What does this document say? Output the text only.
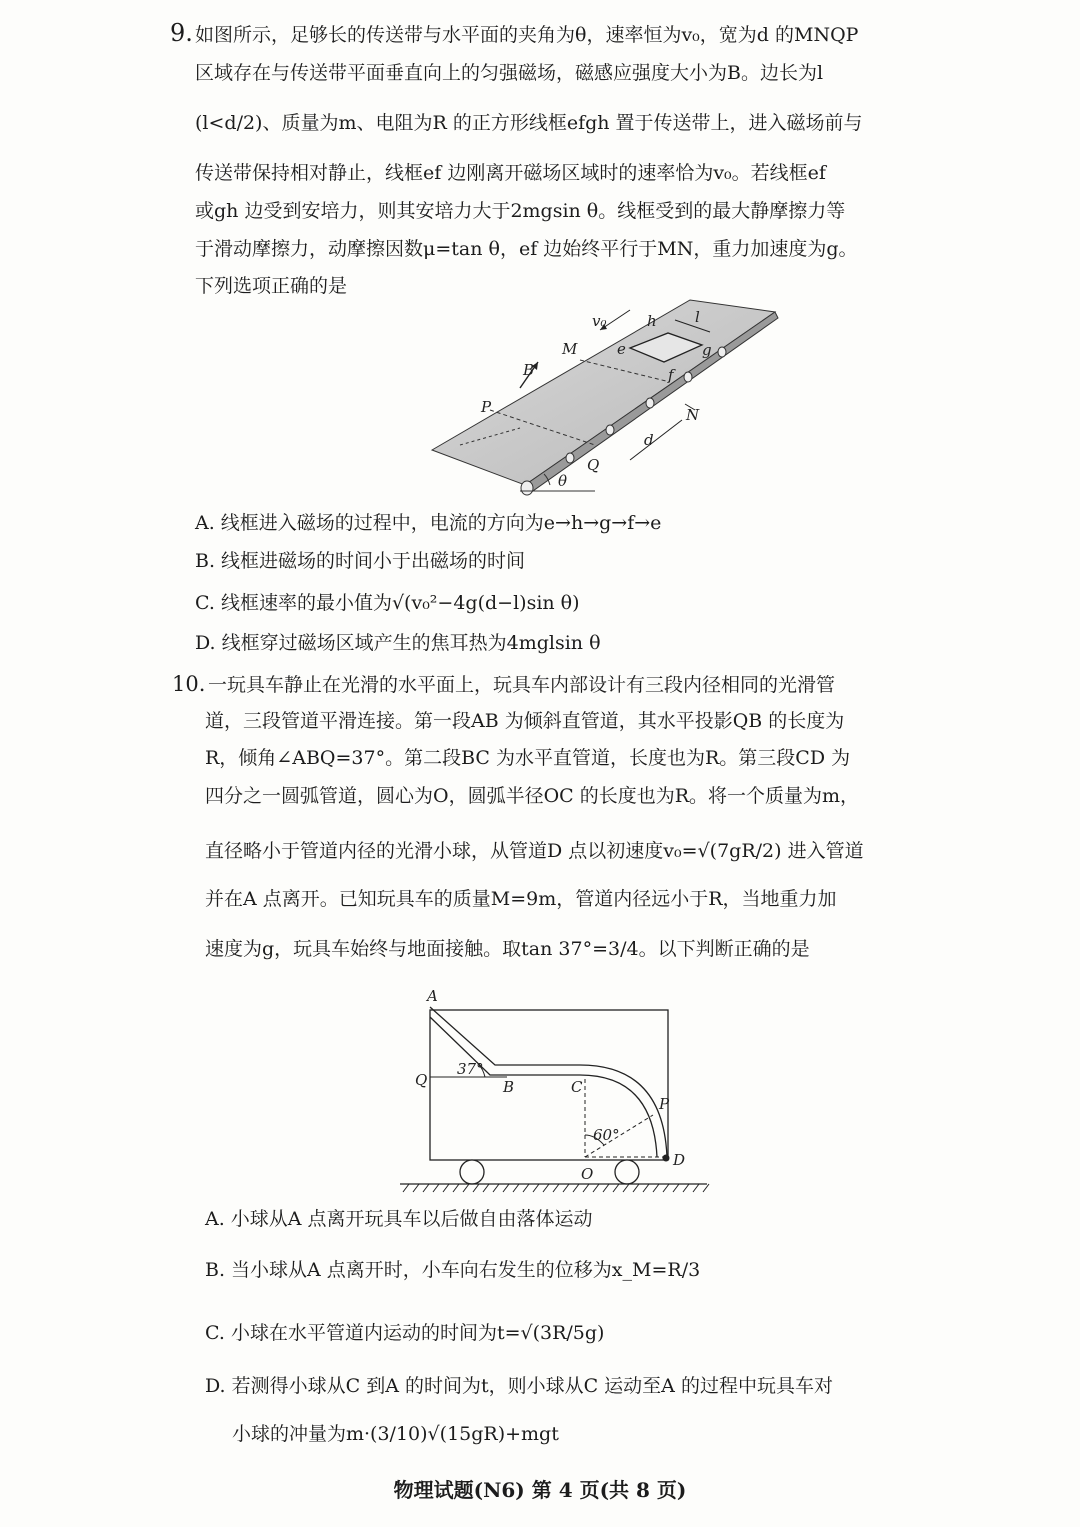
9. 如图所示，足够长的传送带与水平面的夹角为θ，速率恒为v₀，宽为d 的MNQP
区域存在与传送带平面垂直向上的匀强磁场，磁感应强度大小为B。边长为l
(l<d/2)、质量为m、电阻为R 的正方形线框efgh 置于传送带上，进入磁场前与
传送带保持相对静止，线框ef 边刚离开磁场区域时的速率恰为v₀。若线框ef
或gh 边受到安培力，则其安培力大于2mgsin θ。线框受到的最大静摩擦力等
于滑动摩擦力，动摩擦因数μ=tan θ，ef 边始终平行于MN，重力加速度为g。
下列选项正确的是
v₀	h	l
M	e	g
B	f
P	N
d
Q
θ
A. 线框进入磁场的过程中，电流的方向为e→h→g→f→e
B. 线框进磁场的时间小于出磁场的时间
C. 线框速率的最小值为√(v₀²−4g(d−l)sin θ)
D. 线框穿过磁场区域产生的焦耳热为4mglsin θ
10. 一玩具车静止在光滑的水平面上，玩具车内部设计有三段内径相同的光滑管
道，三段管道平滑连接。第一段AB 为倾斜直管道，其水平投影QB 的长度为
R，倾角∠ABQ=37°。第二段BC 为水平直管道，长度也为R。第三段CD 为
四分之一圆弧管道，圆心为O，圆弧半径OC 的长度也为R。将一个质量为m，
直径略小于管道内径的光滑小球，从管道D 点以初速度v₀=√(7gR/2) 进入管道
并在A 点离开。已知玩具车的质量M=9m，管道内径远小于R，当地重力加
速度为g，玩具车始终与地面接触。取tan 37°=3/4。以下判断正确的是
A
37°
Q	B	C
P
60°
O
D
A. 小球从A 点离开玩具车以后做自由落体运动
B. 当小球从A 点离开时，小车向右发生的位移为x_M=R/3
C. 小球在水平管道内运动的时间为t=√(3R/5g)
D. 若测得小球从C 到A 的时间为t，则小球从C 运动至A 的过程中玩具车对
小球的冲量为m·(3/10)√(15gR)+mgt
物理试题(N6) 第 4 页(共 8 页)
